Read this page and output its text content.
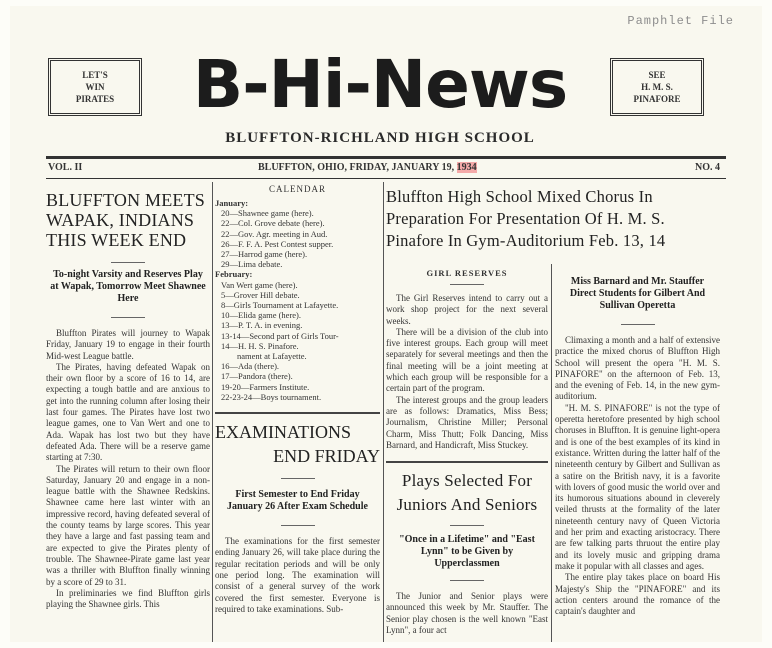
Pamphlet File
LET'S
WIN
PIRATES
SEE
H. M. S.
PINAFORE
B-Hi-News
BLUFFTON-RICHLAND HIGH SCHOOL
VOL. II	BLUFFTON, OHIO, FRIDAY, JANUARY 19, 1934	NO. 4
BLUFFTON MEETS WAPAK, INDIANS THIS WEEK END
To-night Varsity and Reserves Play at Wapak, Tomorrow Meet Shawnee Here

Bluffton Pirates will journey to Wapak Friday, January 19 to engage in their fourth Mid-west League battle.

The Pirates, having defeated Wapak on their own floor by a score of 16 to 14, are expecting a tough battle and are anxious to get into the running column after losing their last four games. The Pirates have lost two league games, one to Van Wert and one to Ada. Wapak has lost two but they have defeated Ada. There will be a reserve game starting at 7:30.

The Pirates will return to their own floor Saturday, January 20 and engage in a non-league battle with the Shawnee Redskins. Shawnee came here last winter with an impressive record, having defeated several of the county teams by large scores. This year they have a large and fast passing team and are expected to give the Pirates plenty of trouble. The Shawnee-Pirate game last year was a thriller with Bluffton finally winning by a score of 29 to 31.

In preliminaries we find Bluffton girls playing the Shawnee girls. This

CALENDAR
January:
20—Shawnee game (here).
22—Col. Grove debate (here).
22—Gov. Agr. meeting in Aud.
26—F. F. A. Pest Contest supper.
27—Harrod game (here).
29—Lima debate.
February:
Van Wert game (here).
5—Grover Hill debate.
8—Girls Tournament at Lafayette.
10—Elida game (here).
13—P. T. A. in evening.
13-14—Second part of Girls Tour-
14—H. H. S. Pinafore.
nament at Lafayette.
16—Ada (there).
17—Pandora (there).
19-20—Farmers Institute.
22-23-24—Boys tournament.
EXAMINATIONS
END FRIDAY
First Semester to End Friday January 26 After Exam Schedule

The examinations for the first semester ending January 26, will take place during the regular recitation periods and will be only one period long. The examination will consist of a general survey of the work covered the first semester. Everyone is required to take examinations. Sub-

Bluffton High School Mixed Chorus In Preparation For Presentation Of H. M. S. Pinafore In Gym-Auditorium Feb. 13, 14
GIRL RESERVES

The Girl Reserves intend to carry out a work shop project for the next several weeks.

There will be a division of the club into five interest groups. Each group will meet separately for several meetings and then the final meeting will be a joint meeting at which each group will be responsible for a certain part of the program.

The interest groups and the group leaders are as follows: Dramatics, Miss Bess; Journalism, Christine Miller; Personal Charm, Miss Thutt; Folk Dancing, Miss Barnard, and Handicraft, Miss Stuckey.

Plays Selected For Juniors And Seniors
"Once in a Lifetime" and "East Lynn" to be Given by Upperclassmen

The Junior and Senior plays were announced this week by Mr. Stauffer. The Senior play chosen is the well known "East Lynn", a four act

Miss Barnard and Mr. Stauffer Direct Students for Gilbert And Sullivan Operetta

Climaxing a month and a half of extensive practice the mixed chorus of Bluffton High School will present the opera "H. M. S. PINAFORE" on the afternoon of Feb. 13, and the evening of Feb. 14, in the new gym-auditorium.

"H. M. S. PINAFORE" is not the type of operetta heretofore presented by high school choruses in Bluffton. It is genuine light-opera and is one of the best examples of its kind in existance. Written during the latter half of the nineteenth century by Gilbert and Sullivan as a satire on the British navy, it is a favorite with lovers of good music the world over and its humorous situations abound in cleverely veiled thrusts at the formality of the later nineteenth century navy of Queen Victoria and her prim and exacting aristocracy. There are few talking parts thruout the entire play and its lovely music and gripping drama make it popular with all classes and ages.

The entire play takes place on board His Majesty's Ship the "PINAFORE" and its action centers around the romance of the captain's daughter and
